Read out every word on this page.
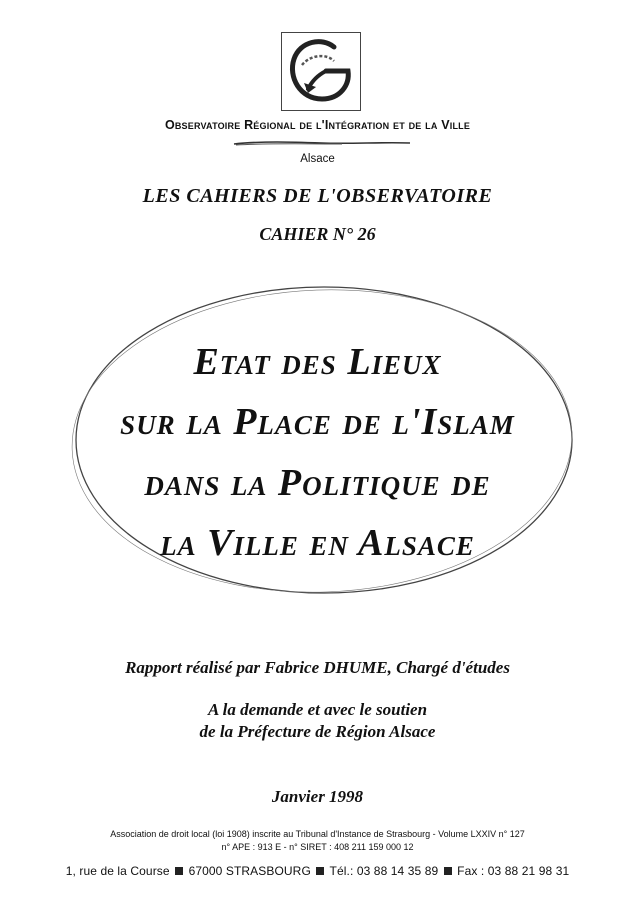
Observatoire Régional de l'Intégration et de la Ville
Alsace
LES CAHIERS DE L'OBSERVATOIRE
CAHIER N° 26
Etat des Lieux
sur la Place de l'Islam
dans la Politique de
la Ville en Alsace
Rapport réalisé par Fabrice DHUME, Chargé d'études
A la demande et avec le soutien
de la Préfecture de Région Alsace
Janvier 1998
Association de droit local (loi 1908) inscrite au Tribunal d'Instance de Strasbourg - Volume LXXIV n° 127
n° APE : 913 E - n° SIRET : 408 211 159 000 12
1, rue de la Course 67000 STRASBOURG Tél.: 03 88 14 35 89 Fax : 03 88 21 98 31
